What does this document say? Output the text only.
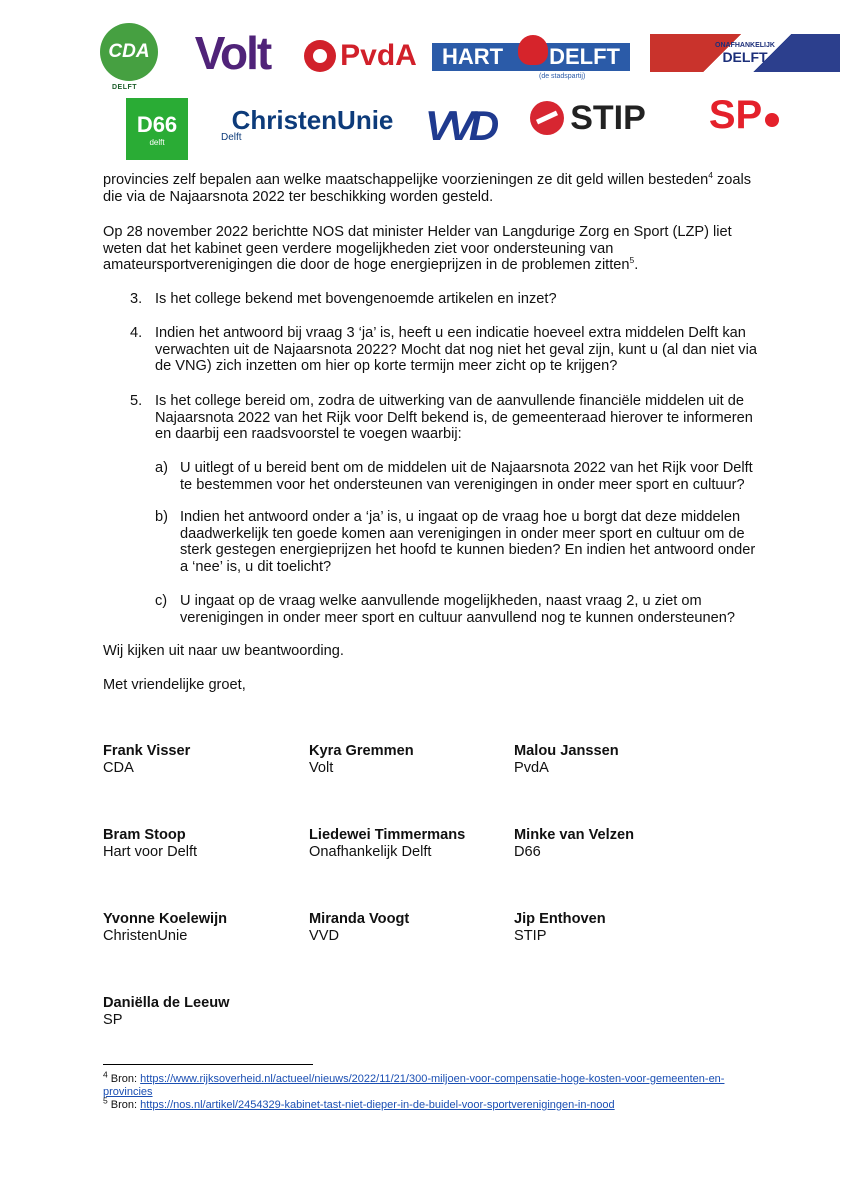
CDA
DELFT
Volt	PvdA HART DELFT
(de stadspartij)
ONAFHANKELIJK
DELFT
D66
delft
ChristenUnie
Delft	V V D STIP SP
provincies zelf bepalen aan welke maatschappelijke voorzieningen ze dit geld willen besteden$^4$ zoals die via de Najaarsnota 2022 ter beschikking worden gesteld.
Op 28 november 2022 berichtte NOS dat minister Helder van Langdurige Zorg en Sport (LZP) liet weten dat het kabinet geen verdere mogelijkheden ziet voor ondersteuning van amateursportverenigingen die door de hoge energieprijzen in de problemen zitten$^5$.
3. Is het college bekend met bovengenoemde artikelen en inzet?
4. Indien het antwoord bij vraag 3 ‘ja’ is, heeft u een indicatie hoeveel extra middelen Delft kan verwachten uit de Najaarsnota 2022? Mocht dat nog niet het geval zijn, kunt u (al dan niet via de VNG) zich inzetten om hier op korte termijn meer zicht op te krijgen?
5. Is het college bereid om, zodra de uitwerking van de aanvullende financiële middelen uit de Najaarsnota 2022 van het Rijk voor Delft bekend is, de gemeenteraad hierover te informeren en daarbij een raadsvoorstel te voegen waarbij:
a) U uitlegt of u bereid bent om de middelen uit de Najaarsnota 2022 van het Rijk voor Delft te bestemmen voor het ondersteunen van verenigingen in onder meer sport en cultuur?
b) Indien het antwoord onder a ‘ja’ is, u ingaat op de vraag hoe u borgt dat deze middelen daadwerkelijk ten goede komen aan verenigingen in onder meer sport en cultuur om de sterk gestegen energieprijzen het hoofd te kunnen bieden? En indien het antwoord onder a ‘nee’ is, u dit toelicht?
c) U ingaat op de vraag welke aanvullende mogelijkheden, naast vraag 2, u ziet om verenigingen in onder meer sport en cultuur aanvullend nog te kunnen ondersteunen?
Wij kijken uit naar uw beantwoording.
Met vriendelijke groet,
Frank Visser
CDA
Kyra Gremmen
Volt
Malou Janssen
PvdA
Bram Stoop
Hart voor Delft
Liedewei Timmermans
Onafhankelijk Delft
Minke van Velzen
D66
Yvonne Koelewijn
ChristenUnie
Miranda Voogt
VVD
Jip Enthoven
STIP
Daniëlla de Leeuw
SP
$^4$ Bron: https://www.rijksoverheid.nl/actueel/nieuws/2022/11/21/300-miljoen-voor-compensatie-hoge-kosten-voor-gemeenten-en-provincies
$^5$ Bron: https://nos.nl/artikel/2454329-kabinet-tast-niet-dieper-in-de-buidel-voor-sportverenigingen-in-nood
